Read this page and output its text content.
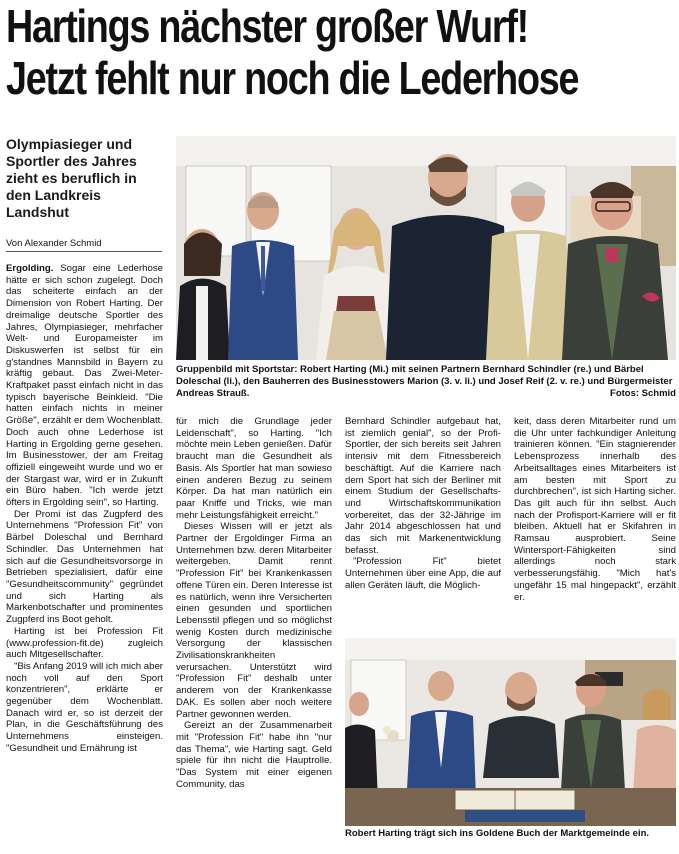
Hartings nächster großer Wurf!
Jetzt fehlt nur noch die Lederhose
Olympiasieger und Sportler des Jahres zieht es beruflich in den Landkreis Landshut
Von Alexander Schmid

Ergolding. Sogar eine Lederhose hätte er sich schon zugelegt. Doch das scheiterte einfach an der Dimension von Robert Harting. Der dreimalige deutsche Sportler des Jahres, Olympiasieger, mehrfacher Welt- und Europameister im Diskuswerfen ist selbst für ein g'standnes Mannsbild in Bayern zu kräftig gebaut. Das Zwei-Meter-Kraftpaket passt einfach nicht in das typisch bayerische Beinkleid. "Die hatten einfach nichts in meiner Größe", erzählt er dem Wochenblatt. Doch auch ohne Lederhose ist Harting in Ergolding gerne gesehen. Im Businesstower, der am Freitag offiziell eingeweiht wurde und wo er der Stargast war, wird er in Zukunft ein Büro haben. "Ich werde jetzt öfters in Ergolding sein", so Harting.

Der Promi ist das Zugpferd des Unternehmens "Profession Fit" von Bärbel Doleschal und Bernhard Schindler. Das Unternehmen hat sich auf die Gesundheitsvorsorge in Betrieben spezialisiert, dafür eine "Gesundheitscommunity" gegründet und sich Harting als Markenbotschafter und prominentes Zugpferd ins Boot geholt.

Harting ist bei Profession Fit (www.profession-fit.de) zugleich auch Mitgesellschafter.

"Bis Anfang 2019 will ich mich aber noch voll auf den Sport konzentrieren", erklärte er gegenüber dem Wochenblatt. Danach wird er, so ist derzeit der Plan, in die Geschäftsführung des Unternehmens einsteigen. "Gesundheit und Ernährung ist

Gruppenbild mit Sportstar: Robert Harting (Mi.) mit seinen Partnern Bernhard Schindler (re.) und Bärbel Doleschal (li.), den Bauherren des Businesstowers Marion (3. v. li.) und Josef Reif (2. v. re.) und Bürgermeister Andreas Strauß.	Fotos: Schmid

für mich die Grundlage jeder Leidenschaft", so Harting. "Ich möchte mein Leben genießen. Dafür braucht man die Gesundheit als Basis. Als Sportler hat man sowieso einen anderen Bezug zu seinem Körper. Da hat man natürlich ein paar Kniffe und Tricks, wie man mehr Leistungsfähigkeit erreicht."

Dieses Wissen will er jetzt als Partner der Ergoldinger Firma an Unternehmen bzw. deren Mitarbeiter weitergeben. Damit rennt "Profession Fit" bei Krankenkassen offene Türen ein. Deren Interesse ist es natürlich, wenn ihre Versicherten einen gesunden und sportlichen Lebensstil pflegen und so möglichst wenig Kosten durch medizinische Versorgung der klassischen Zivilisationskrankheiten verursachen. Unterstützt wird "Profession Fit" deshalb unter anderem von der Krankenkasse DAK. Es sollen aber noch weitere Partner gewonnen werden.

Gereizt an der Zusammenarbeit mit "Profession Fit" habe ihn "nur das Thema", wie Harting sagt. Geld spiele für ihn nicht die Hauptrolle. "Das System mit einer eigenen Community, das

Bernhard Schindler aufgebaut hat, ist ziemlich genial", so der Profi-Sportler, der sich bereits seit Jahren intensiv mit dem Fitnessbereich beschäftigt. Auf die Karriere nach dem Sport hat sich der Berliner mit einem Studium der Gesellschafts- und Wirtschaftskommunikation vorbereitet, das der 32-Jährige im Jahr 2014 abgeschlossen hat und das sich mit Markenentwicklung befasst.

"Profession Fit" bietet Unternehmen über eine App, die auf allen Geräten läuft, die Möglich-

keit, dass deren Mitarbeiter rund um die Uhr unter fachkundiger Anleitung trainieren können. "Ein stagnierender Lebensprozess innerhalb des Arbeitsalltages eines Mitarbeiters ist am besten mit Sport zu durchbrechen", ist sich Harting sicher. Das gilt auch für ihn selbst. Auch nach der Profisport-Karriere will er fit bleiben. Aktuell hat er Skifahren in Ramsau ausprobiert. Seine Wintersport-Fähigkeiten sind allerdings noch stark verbesserungsfähig. "Mich hat's ungefähr 15 mal hingepackt", erzählt er.

Robert Harting trägt sich ins Goldene Buch der Marktgemeinde ein.
